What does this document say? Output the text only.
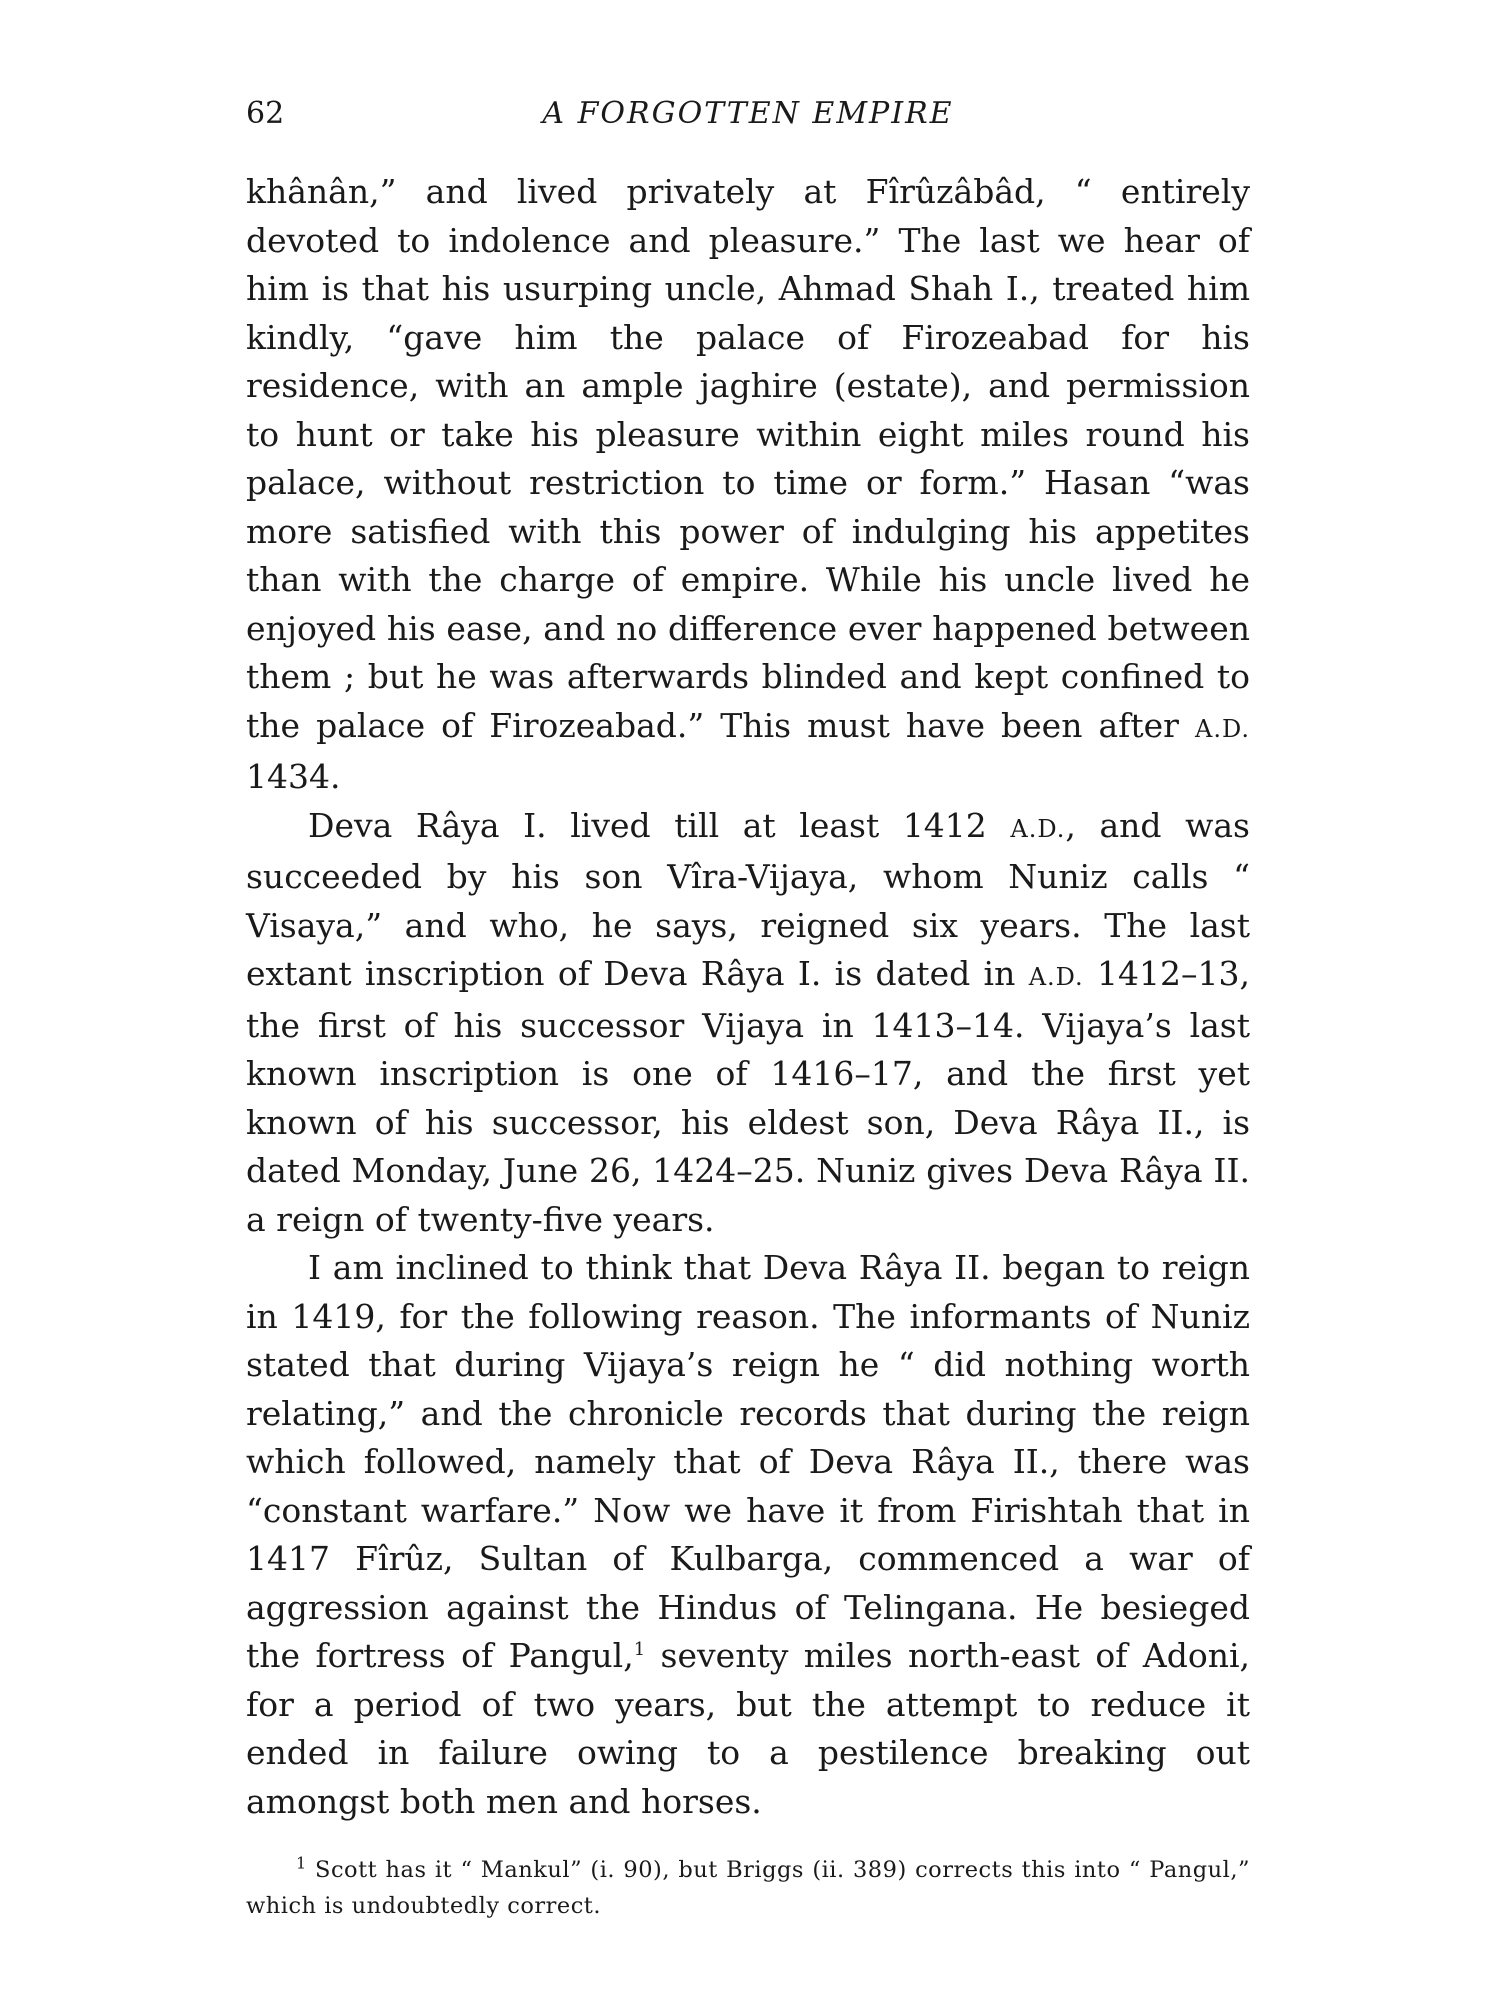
62	A FORGOTTEN EMPIRE

khânân,” and lived privately at Fîrûzâbâd, “ entirely devoted to indolence and pleasure.” The last we hear of him is that his usurping uncle, Ahmad Shah I., treated him kindly, “gave him the palace of Firozeabad for his residence, with an ample jaghire (estate), and permission to hunt or take his pleasure within eight miles round his palace, without restriction to time or form.” Hasan “was more satisfied with this power of indulging his appetites than with the charge of empire. While his uncle lived he enjoyed his ease, and no difference ever happened between them ; but he was afterwards blinded and kept confined to the palace of Firozeabad.” This must have been after A.D. 1434.

Deva Râya I. lived till at least 1412 A.D., and was succeeded by his son Vîra-Vijaya, whom Nuniz calls “ Visaya,” and who, he says, reigned six years. The last extant inscription of Deva Râya I. is dated in A.D. 1412–13, the first of his successor Vijaya in 1413–14. Vijaya’s last known inscription is one of 1416–17, and the first yet known of his successor, his eldest son, Deva Râya II., is dated Monday, June 26, 1424–25. Nuniz gives Deva Râya II. a reign of twenty-five years.

I am inclined to think that Deva Râya II. began to reign in 1419, for the following reason. The informants of Nuniz stated that during Vijaya’s reign he “ did nothing worth relating,” and the chronicle records that during the reign which followed, namely that of Deva Râya II., there was “constant warfare.” Now we have it from Firishtah that in 1417 Fîrûz, Sultan of Kulbarga, commenced a war of aggression against the Hindus of Telingana. He besieged the fortress of Pangul,$^1$ seventy miles north-east of Adoni, for a period of two years, but the attempt to reduce it ended in failure owing to a pestilence breaking out amongst both men and horses.

$^1$ Scott has it “ Mankul” (i. 90), but Briggs (ii. 389) corrects this into “ Pangul,” which is undoubtedly correct.
